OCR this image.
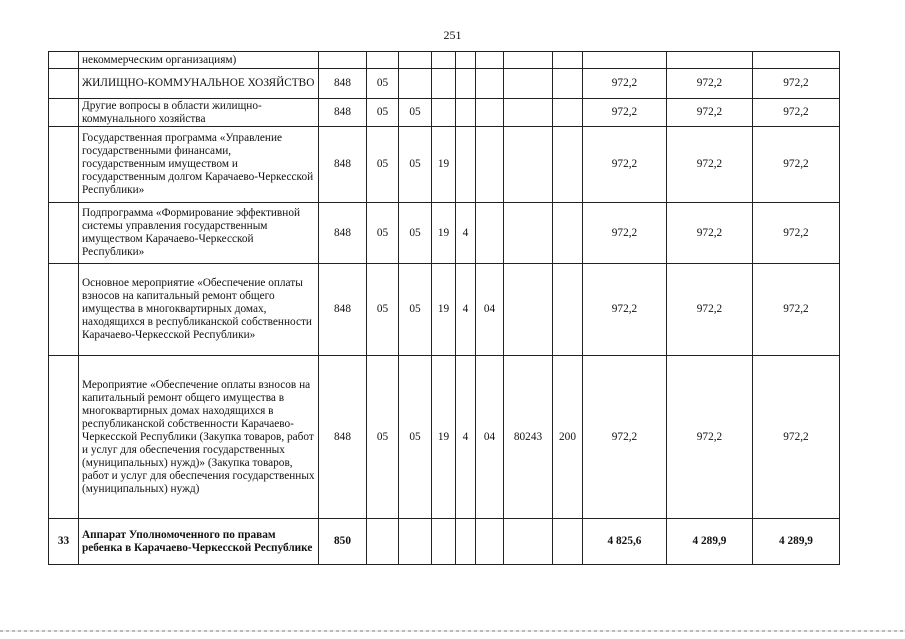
251
	некоммерческим организациям)											
	ЖИЛИЩНО-КОММУНАЛЬНОЕ ХОЗЯЙСТВО	848	05							972,2	972,2	972,2
	Другие вопросы в области жилищно-коммунального хозяйства	848	05	05						972,2	972,2	972,2
	Государственная программа «Управление государственными финансами, государственным имуществом и государственным долгом Карачаево-Черкесской Республики»	848	05	05	19					972,2	972,2	972,2
	Подпрограмма «Формирование эффективной системы управления государственным имуществом Карачаево-Черкесской Республики»	848	05	05	19	4				972,2	972,2	972,2
	Основное мероприятие «Обеспечение оплаты взносов на капитальный ремонт общего имущества в многоквартирных домах, находящихся в республиканской собственности Карачаево-Черкесской Республики»	848	05	05	19	4	04			972,2	972,2	972,2
	Мероприятие «Обеспечение оплаты взносов на капитальный ремонт общего имущества в многоквартирных домах находящихся в республиканской собственности Карачаево-Черкесской Республики (Закупка товаров, работ и услуг для обеспечения государственных (муниципальных) нужд)» (Закупка товаров, работ и услуг для обеспечения государственных (муниципальных) нужд)	848	05	05	19	4	04	80243	200	972,2	972,2	972,2
33	Аппарат Уполномоченного по правам ребенка в Карачаево-Черкесской Республике	850								4 825,6	4 289,9	4 289,9
